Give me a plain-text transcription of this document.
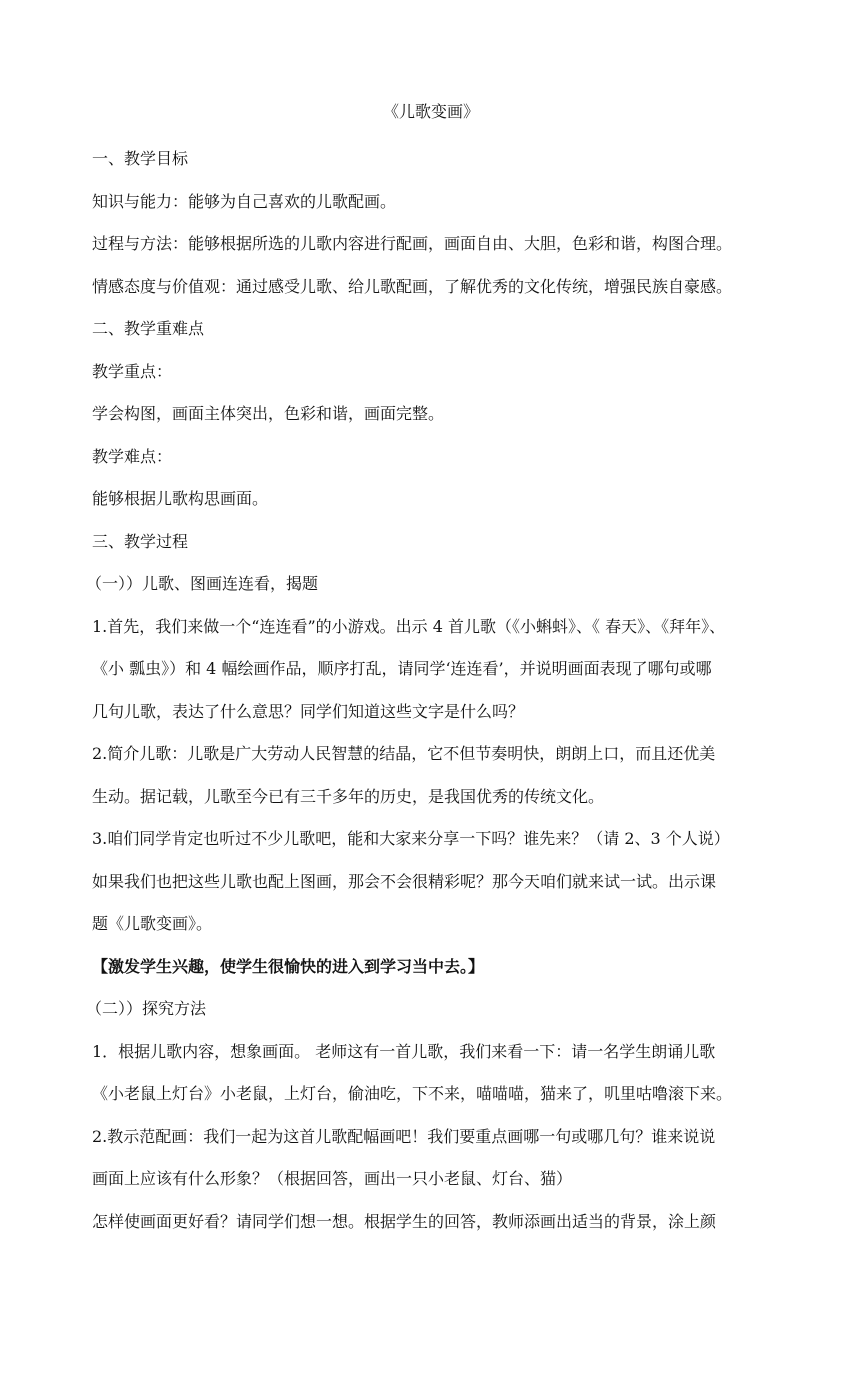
《儿歌变画》

一、教学目标

知识与能力：能够为自己喜欢的儿歌配画。

过程与方法：能够根据所选的儿歌内容进行配画，画面自由、大胆，色彩和谐，构图合理。

情感态度与价值观：通过感受儿歌、给儿歌配画，了解优秀的文化传统，增强民族自豪感。

二、教学重难点

教学重点：

学会构图，画面主体突出，色彩和谐，画面完整。

教学难点：

能够根据儿歌构思画面。

三、教学过程

（一））儿歌、图画连连看，揭题

1.首先，我们来做一个“连连看”的小游戏。出示 4 首儿歌（《小蝌蚪》、《 春天》、《拜年》、

《小 瓢虫》）和 4 幅绘画作品，顺序打乱，请同学‘连连看’，并说明画面表现了哪句或哪

几句儿歌，表达了什么意思？同学们知道这些文字是什么吗？

2.简介儿歌：儿歌是广大劳动人民智慧的结晶，它不但节奏明快，朗朗上口，而且还优美

生动。据记载，儿歌至今已有三千多年的历史，是我国优秀的传统文化。

3.咱们同学肯定也听过不少儿歌吧，能和大家来分享一下吗？谁先来？（请 2、3 个人说）

如果我们也把这些儿歌也配上图画，那会不会很精彩呢？那今天咱们就来试一试。出示课

题《儿歌变画》。

【激发学生兴趣，使学生很愉快的进入到学习当中去。】

（二））探究方法

1．根据儿歌内容，想象画面。 老师这有一首儿歌，我们来看一下：请一名学生朗诵儿歌

《小老鼠上灯台》小老鼠，上灯台，偷油吃，下不来，喵喵喵，猫来了，叽里咕噜滚下来。

2.教示范配画：我们一起为这首儿歌配幅画吧！我们要重点画哪一句或哪几句？谁来说说

画面上应该有什么形象？（根据回答，画出一只小老鼠、灯台、猫）

怎样使画面更好看？请同学们想一想。根据学生的回答，教师添画出适当的背景，涂上颜
